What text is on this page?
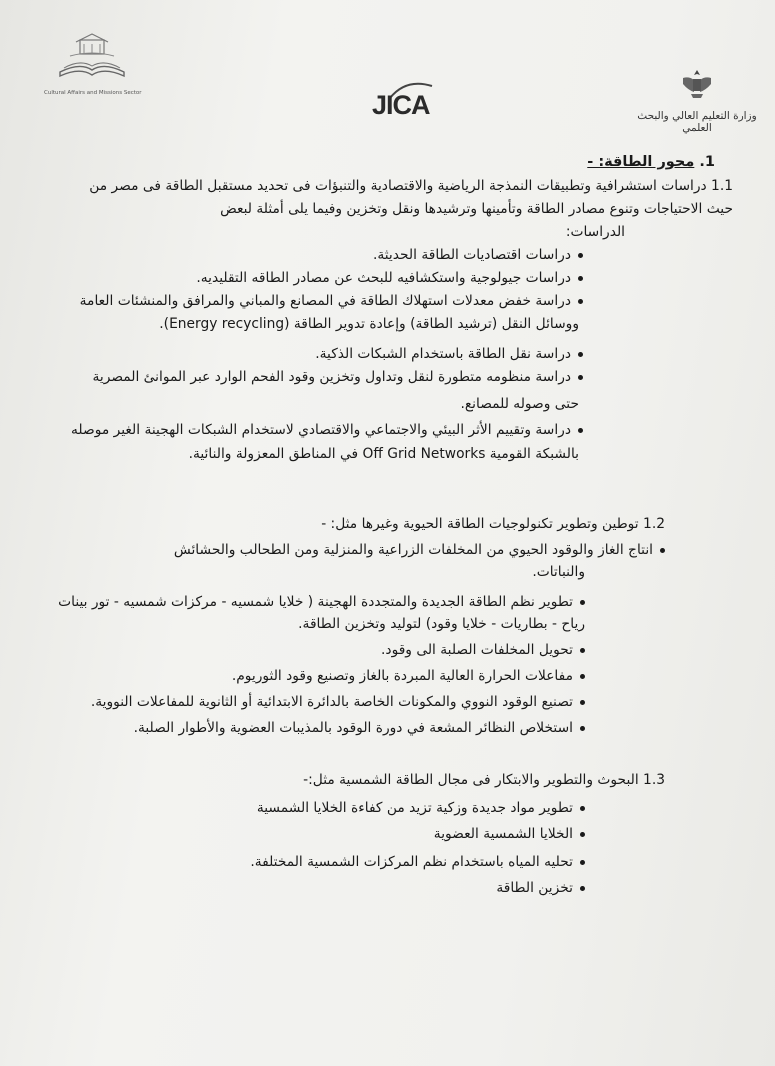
Cultural Affairs and Missions Sector	JICA	وزارة التعليم العالي والبحث العلمي
1. محور الطاقة: -
1.1 دراسات استشرافية وتطبيقات النمذجة الرياضية والاقتصادية والتنبؤات فى تحديد مستقبل الطاقة فى مصر من
حيث الاحتياجات وتنوع مصادر الطاقة وتأمينها وترشيدها ونقل وتخزين وفيما يلى أمثلة لبعض
الدراسات:
دراسات اقتصاديات الطاقة الحديثة.
دراسات جيولوجية واستكشافيه للبحث عن مصادر الطاقه التقليديه.
دراسة خفض معدلات استهلاك الطاقة في المصانع والمباني والمرافق والمنشئات العامة
ووسائل النقل (ترشيد الطاقة) وإعادة تدوير الطاقة (Energy recycling).
دراسة نقل الطاقة باستخدام الشبكات الذكية.
دراسة منظومه متطورة لنقل وتداول وتخزين وقود الفحم الوارد عبر الموانئ المصرية
حتى وصوله للمصانع.
دراسة وتقييم الأثر البيئي والاجتماعي والاقتصادي لاستخدام الشبكات الهجينة الغير موصله
بالشبكة القومية Off Grid Networks في المناطق المعزولة والنائية.
1.2 توطين وتطوير تكنولوجيات الطاقة الحيوية وغيرها مثل: -
انتاج الغاز والوقود الحيوي من المخلفات الزراعية والمنزلية ومن الطحالب والحشائش
والنباتات.
تطوير نظم الطاقة الجديدة والمتجددة الهجينة ( خلايا شمسيه - مركزات شمسيه - تور بينات
رياح - بطاريات - خلايا وقود) لتوليد وتخزين الطاقة.
تحويل المخلفات الصلبة الى وقود.
مفاعلات الحرارة العالية المبردة بالغاز وتصنيع وقود الثوريوم.
تصنيع الوقود النووي والمكونات الخاصة بالدائرة الابتدائية أو الثانوية للمفاعلات النووية.
استخلاص النظائر المشعة في دورة الوقود بالمذيبات العضوية والأطوار الصلبة.
1.3 البحوث والتطوير والابتكار فى مجال الطاقة الشمسية مثل:-
تطوير مواد جديدة وزكية تزيد من كفاءة الخلايا الشمسية
الخلايا الشمسية العضوية
تحليه المياه باستخدام نظم المركزات الشمسية المختلفة.
تخزين الطاقة
